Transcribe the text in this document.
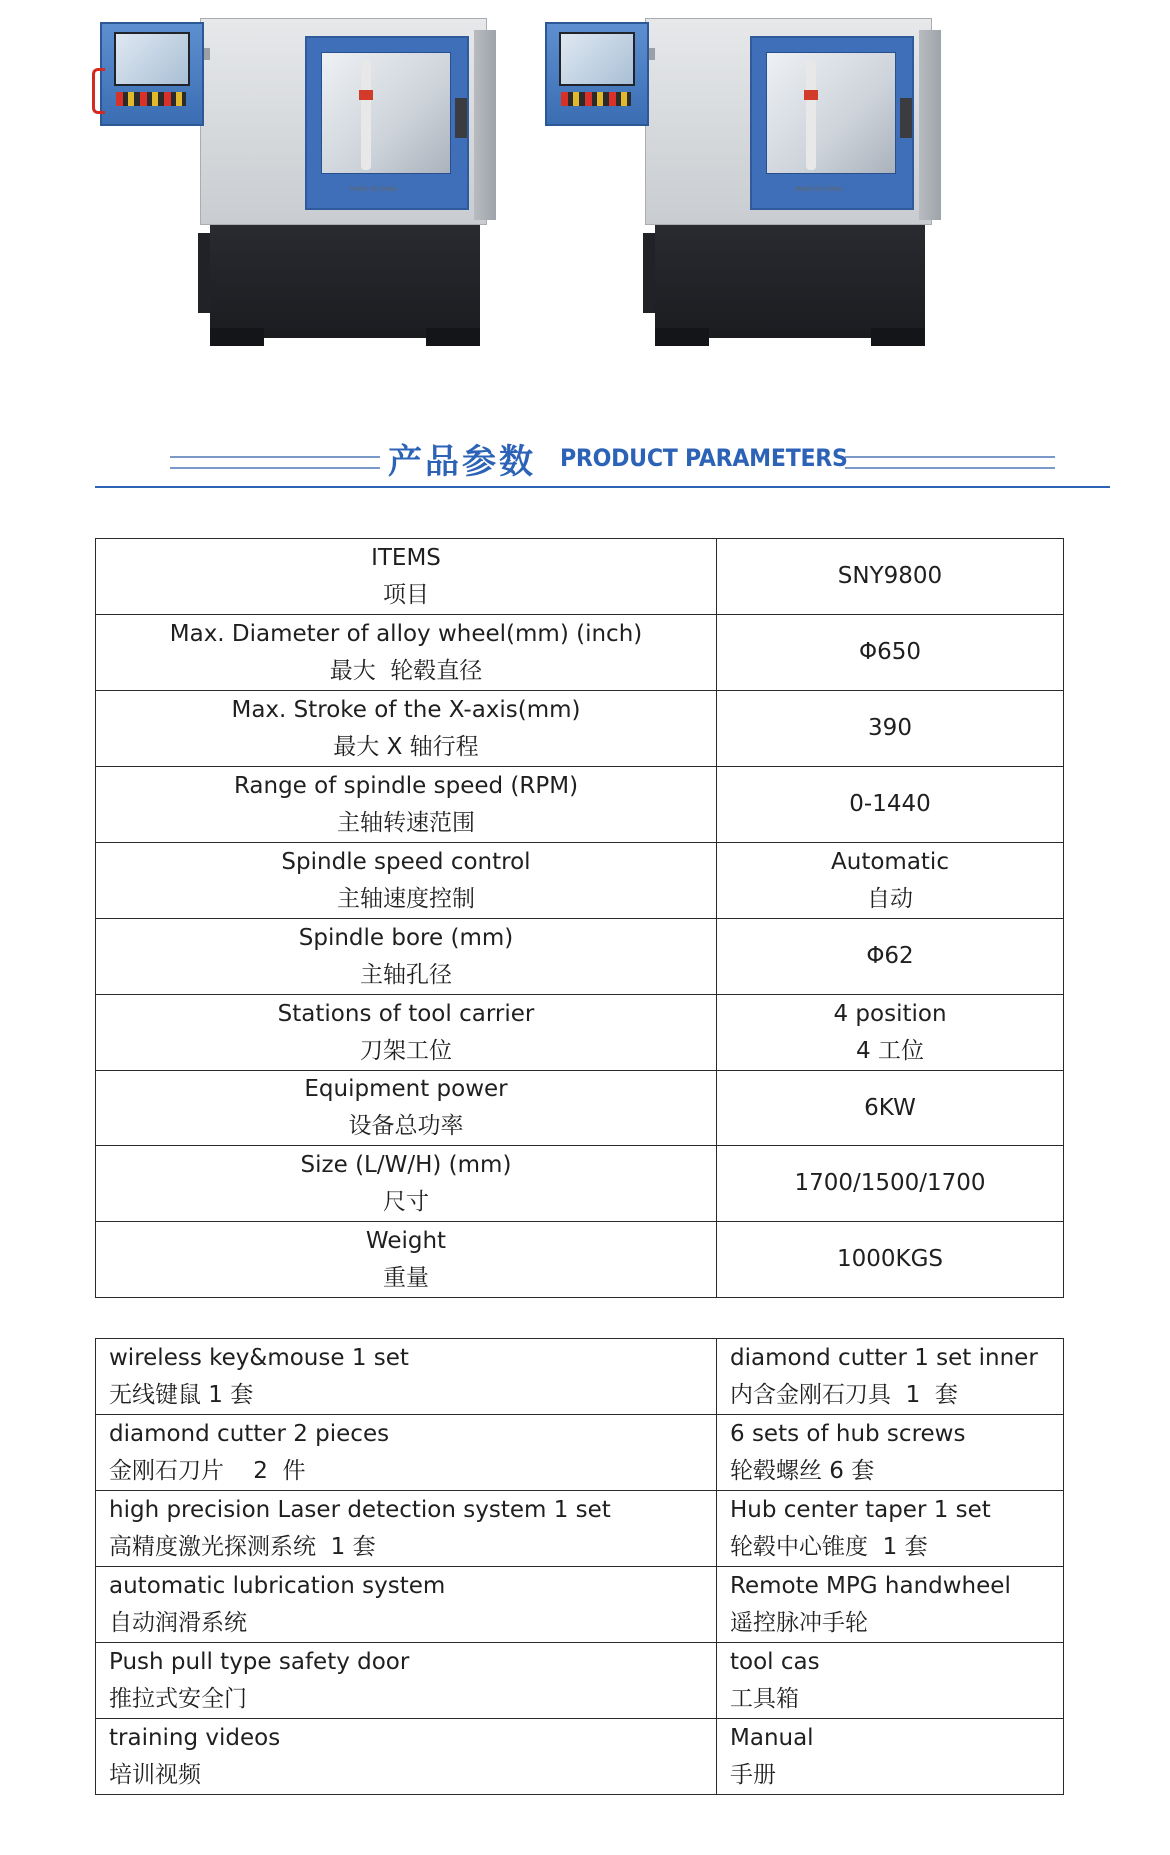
MADE IN CHINA	MADE IN CHINA
产品参数 PRODUCT PARAMETERS
ITEMS
项目	SNY9800

Max. Diameter of alloy wheel(mm) (inch)
最大  轮毂直径	Φ650

Max. Stroke of the X-axis(mm)
最大 X 轴行程	390

Range of spindle speed (RPM)
主轴转速范围	0-1440

Spindle speed control
主轴速度控制	Automatic
自动

Spindle bore (mm)
主轴孔径	Φ62

Stations of tool carrier
刀架工位	4 position
4 工位

Equipment power
设备总功率	6KW

Size (L/W/H) (mm)
尺寸	1700/1500/1700

Weight
重量	1000KGS
wireless key&mouse 1 set
无线键鼠 1 套	diamond cutter 1 set inner
内含金刚石刀具  1  套

diamond cutter 2 pieces
金刚石刀片    2  件	6 sets of hub screws
轮毂螺丝 6 套

high precision Laser detection system 1 set
高精度激光探测系统  1 套	Hub center taper 1 set
轮毂中心锥度  1 套

automatic lubrication system
自动润滑系统	Remote MPG handwheel
遥控脉冲手轮

Push pull type safety door
推拉式安全门	tool cas
工具箱

training videos
培训视频	Manual
手册
